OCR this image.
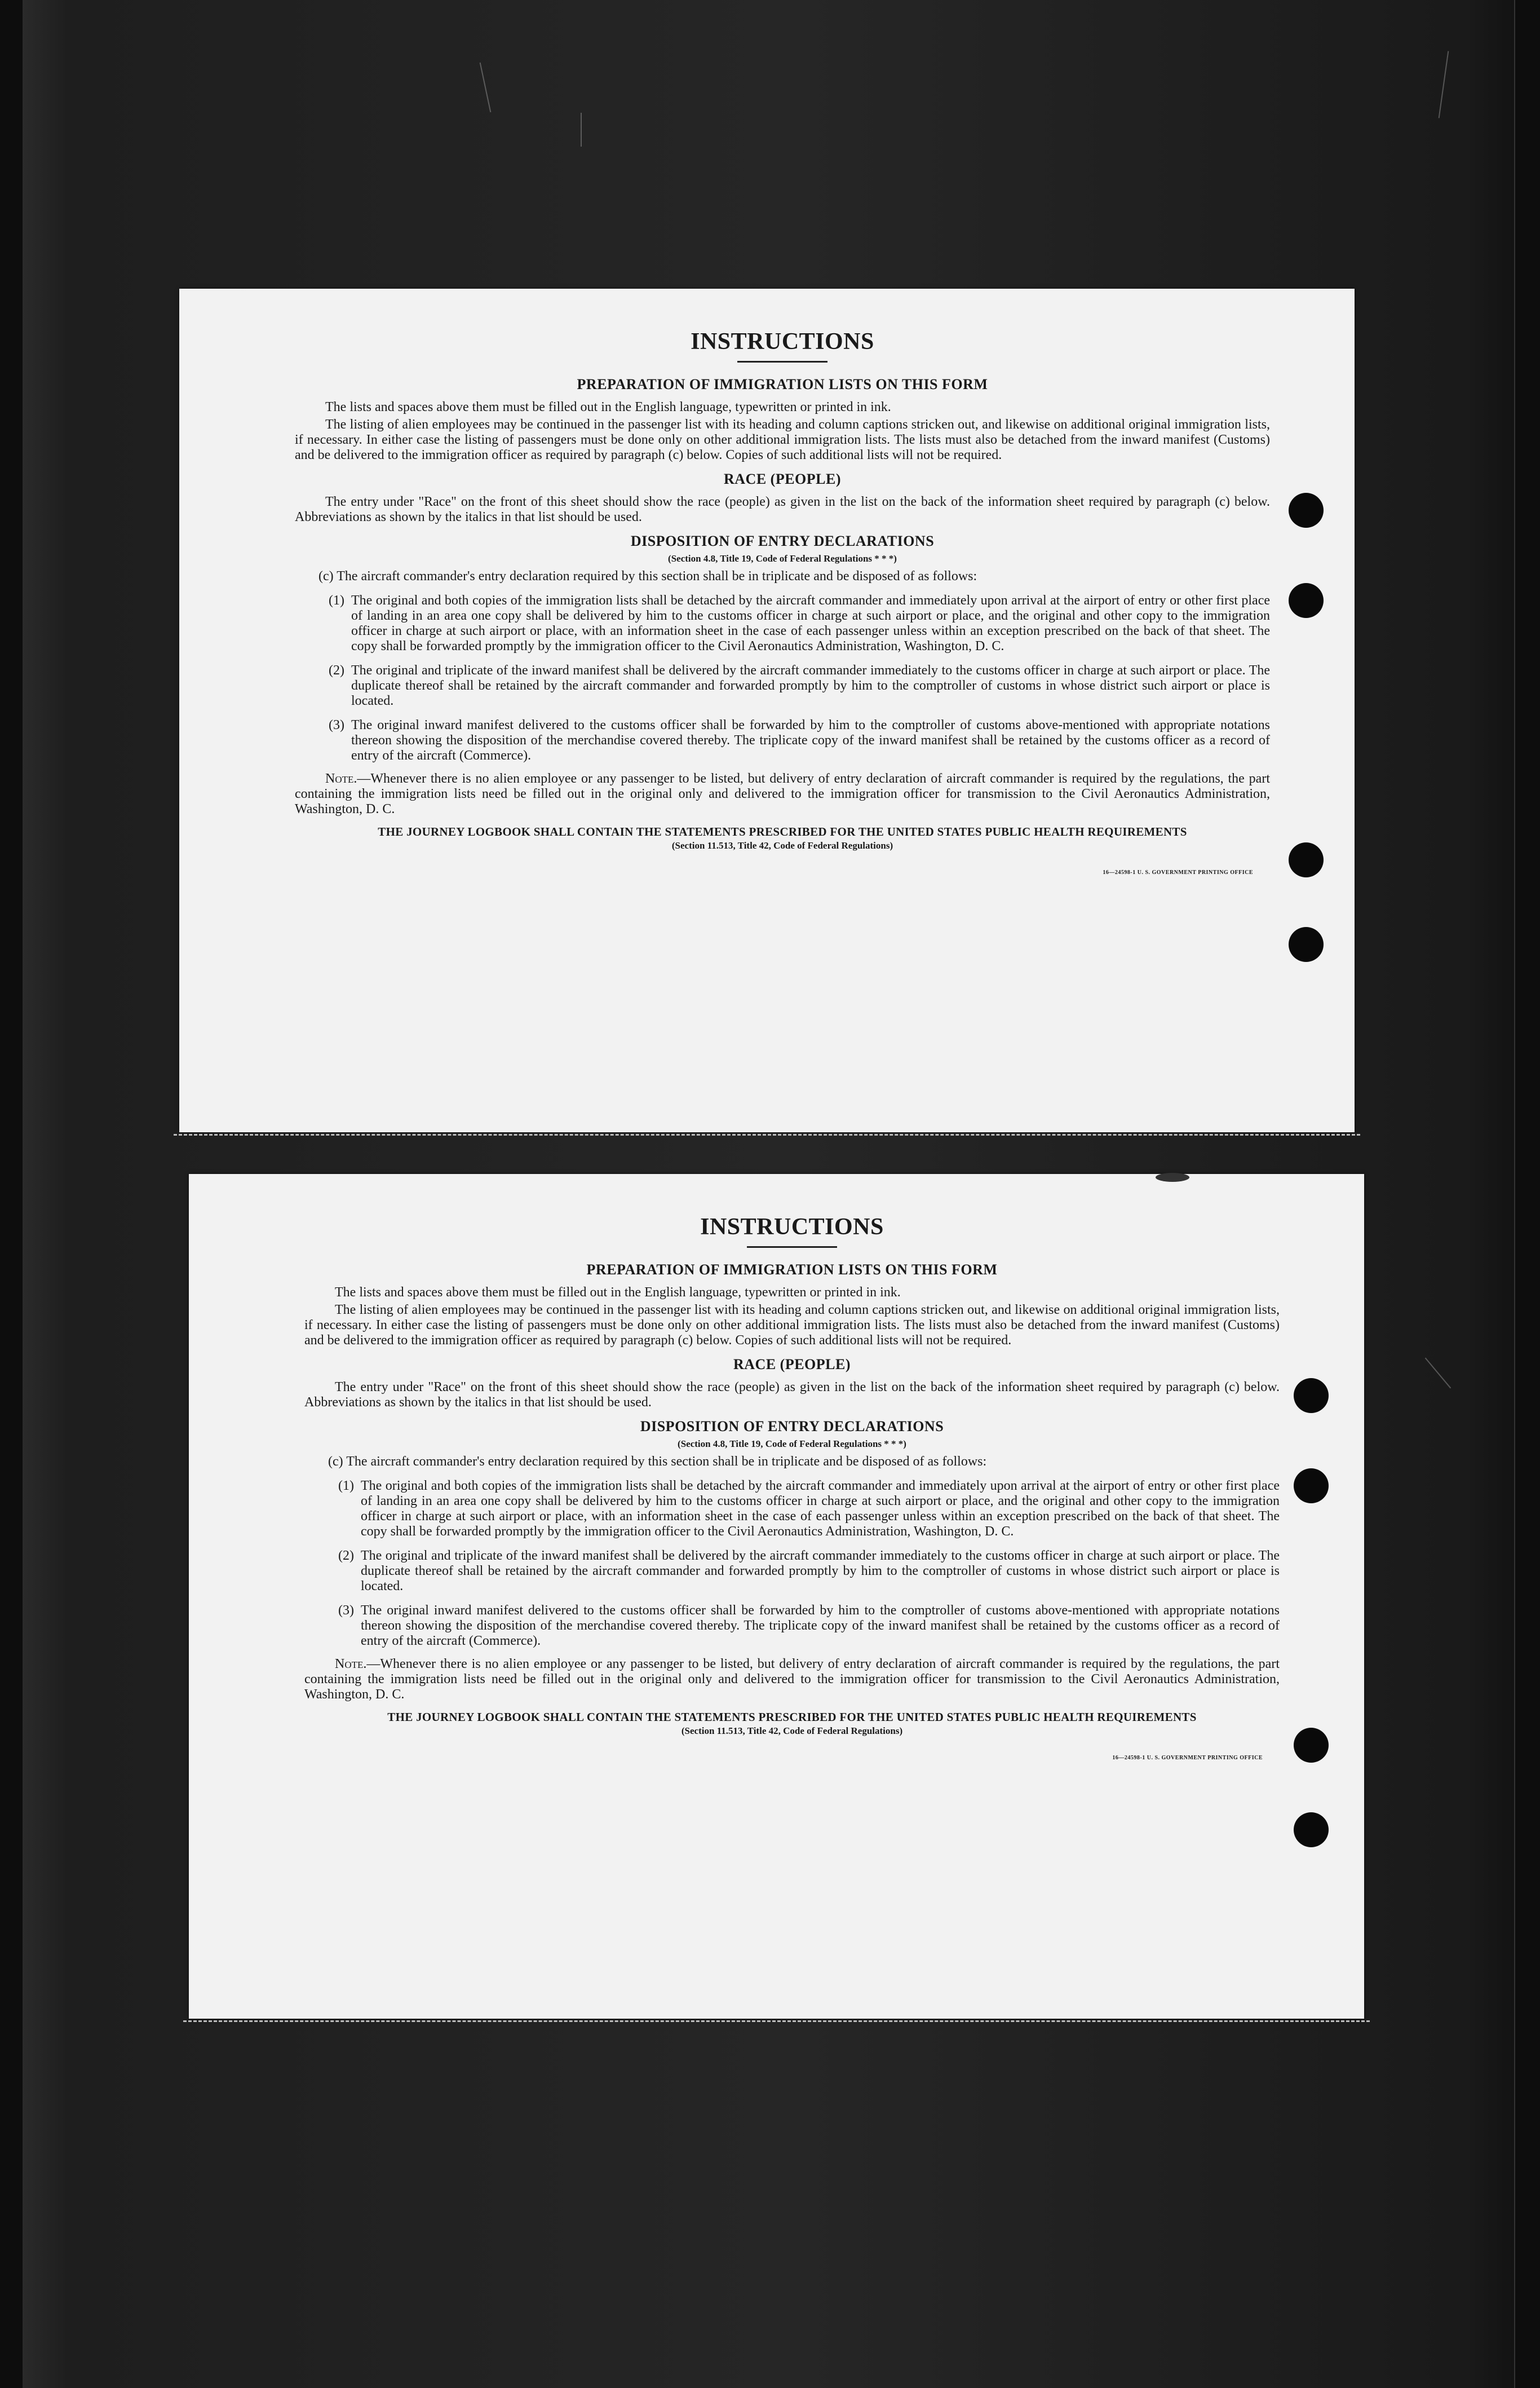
INSTRUCTIONS
PREPARATION OF IMMIGRATION LISTS ON THIS FORM

The lists and spaces above them must be filled out in the English language, typewritten or printed in ink.

The listing of alien employees may be continued in the passenger list with its heading and column captions stricken out, and likewise on additional original immigration lists, if necessary. In either case the listing of passengers must be done only on other additional immigration lists. The lists must also be detached from the inward manifest (Customs) and be delivered to the immigration officer as required by paragraph (c) below. Copies of such additional lists will not be required.

RACE (PEOPLE)

The entry under "Race" on the front of this sheet should show the race (people) as given in the list on the back of the information sheet required by paragraph (c) below. Abbreviations as shown by the italics in that list should be used.

DISPOSITION OF ENTRY DECLARATIONS
(Section 4.8, Title 19, Code of Federal Regulations * * *)

(c) The aircraft commander's entry declaration required by this section shall be in triplicate and be disposed of as follows:

(1) The original and both copies of the immigration lists shall be detached by the aircraft commander and immediately upon arrival at the airport of entry or other first place of landing in an area one copy shall be delivered by him to the customs officer in charge at such airport or place, and the original and other copy to the immigration officer in charge at such airport or place, with an information sheet in the case of each passenger unless within an exception prescribed on the back of that sheet. The copy shall be forwarded promptly by the immigration officer to the Civil Aeronautics Administration, Washington, D. C.
(2) The original and triplicate of the inward manifest shall be delivered by the aircraft commander immediately to the customs officer in charge at such airport or place. The duplicate thereof shall be retained by the aircraft commander and forwarded promptly by him to the comptroller of customs in whose district such airport or place is located.
(3) The original inward manifest delivered to the customs officer shall be forwarded by him to the comptroller of customs above-mentioned with appropriate notations thereon showing the disposition of the merchandise covered thereby. The triplicate copy of the inward manifest shall be retained by the customs officer as a record of entry of the aircraft (Commerce).

Note.—Whenever there is no alien employee or any passenger to be listed, but delivery of entry declaration of aircraft commander is required by the regulations, the part containing the immigration lists need be filled out in the original only and delivered to the immigration officer for transmission to the Civil Aeronautics Administration, Washington, D. C.

THE JOURNEY LOGBOOK SHALL CONTAIN THE STATEMENTS PRESCRIBED FOR THE UNITED STATES PUBLIC HEALTH REQUIREMENTS
(Section 11.513, Title 42, Code of Federal Regulations)
16—24598-1 U. S. GOVERNMENT PRINTING OFFICE
INSTRUCTIONS
PREPARATION OF IMMIGRATION LISTS ON THIS FORM

The lists and spaces above them must be filled out in the English language, typewritten or printed in ink.

The listing of alien employees may be continued in the passenger list with its heading and column captions stricken out, and likewise on additional original immigration lists, if necessary. In either case the listing of passengers must be done only on other additional immigration lists. The lists must also be detached from the inward manifest (Customs) and be delivered to the immigration officer as required by paragraph (c) below. Copies of such additional lists will not be required.

RACE (PEOPLE)

The entry under "Race" on the front of this sheet should show the race (people) as given in the list on the back of the information sheet required by paragraph (c) below. Abbreviations as shown by the italics in that list should be used.

DISPOSITION OF ENTRY DECLARATIONS
(Section 4.8, Title 19, Code of Federal Regulations * * *)

(c) The aircraft commander's entry declaration required by this section shall be in triplicate and be disposed of as follows:

(1) The original and both copies of the immigration lists shall be detached by the aircraft commander and immediately upon arrival at the airport of entry or other first place of landing in an area one copy shall be delivered by him to the customs officer in charge at such airport or place, and the original and other copy to the immigration officer in charge at such airport or place, with an information sheet in the case of each passenger unless within an exception prescribed on the back of that sheet. The copy shall be forwarded promptly by the immigration officer to the Civil Aeronautics Administration, Washington, D. C.
(2) The original and triplicate of the inward manifest shall be delivered by the aircraft commander immediately to the customs officer in charge at such airport or place. The duplicate thereof shall be retained by the aircraft commander and forwarded promptly by him to the comptroller of customs in whose district such airport or place is located.
(3) The original inward manifest delivered to the customs officer shall be forwarded by him to the comptroller of customs above-mentioned with appropriate notations thereon showing the disposition of the merchandise covered thereby. The triplicate copy of the inward manifest shall be retained by the customs officer as a record of entry of the aircraft (Commerce).

Note.—Whenever there is no alien employee or any passenger to be listed, but delivery of entry declaration of aircraft commander is required by the regulations, the part containing the immigration lists need be filled out in the original only and delivered to the immigration officer for transmission to the Civil Aeronautics Administration, Washington, D. C.

THE JOURNEY LOGBOOK SHALL CONTAIN THE STATEMENTS PRESCRIBED FOR THE UNITED STATES PUBLIC HEALTH REQUIREMENTS
(Section 11.513, Title 42, Code of Federal Regulations)
16—24598-1 U. S. GOVERNMENT PRINTING OFFICE
